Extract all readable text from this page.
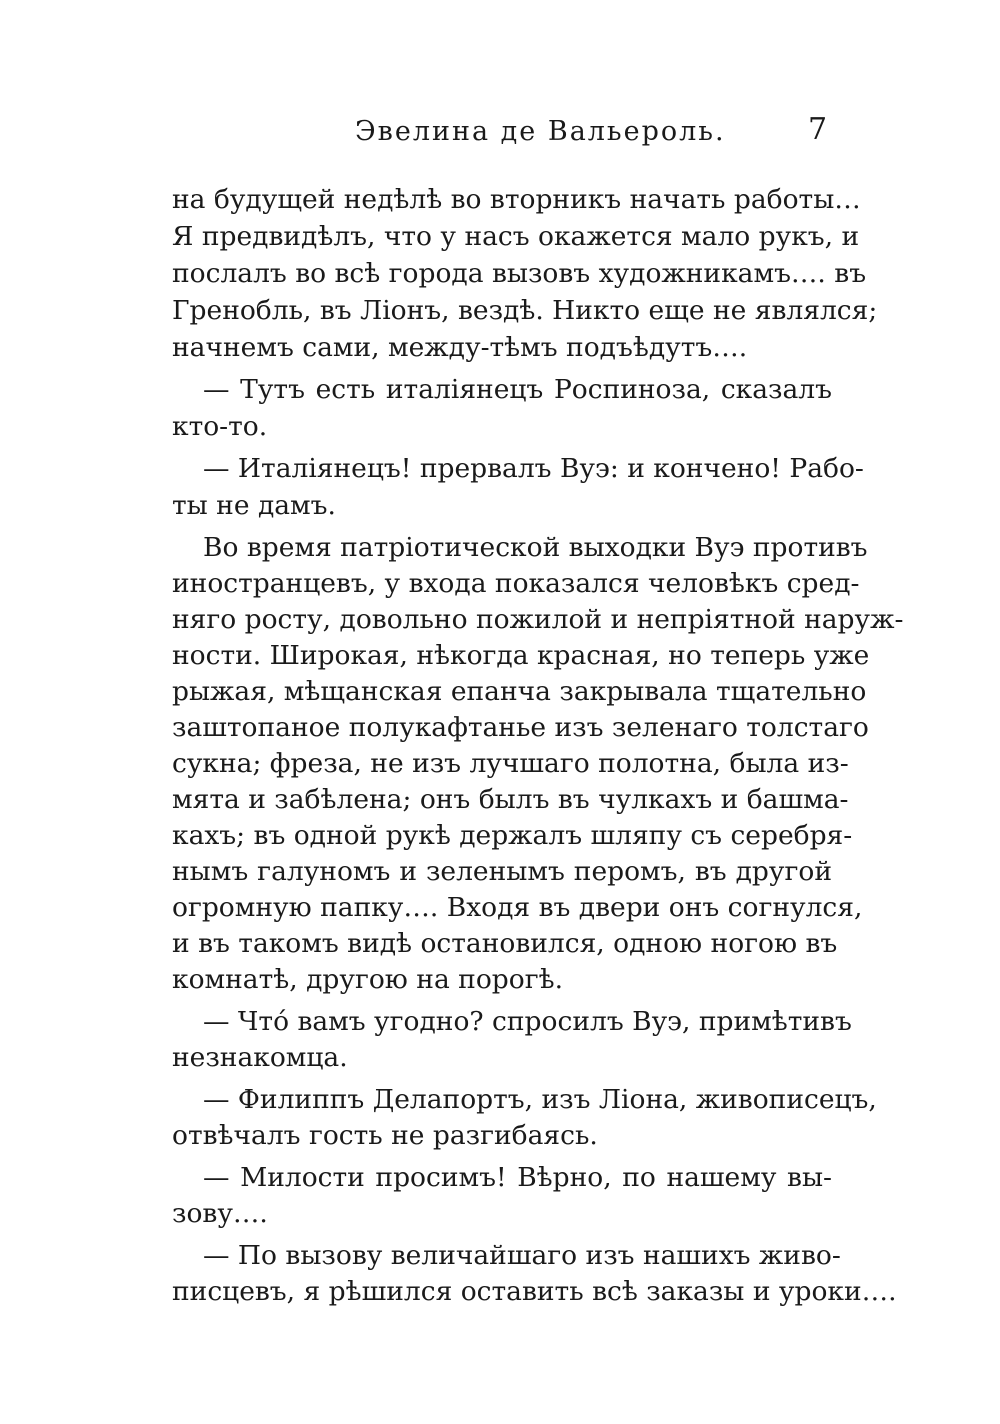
Эвелина де Вальероль.	7
на будущей недѣлѣ во вторникъ начать работы…
Я предвидѣлъ, что у насъ окажется мало рукъ, и
послалъ во всѣ города вызовъ художникамъ…. въ
Гренобль, въ Ліонъ, вездѣ. Никто еще не являлся;
начнемъ сами, между-тѣмъ подъѣдутъ….
— Тутъ есть италіянецъ Роспиноза, сказалъ
кто-то.
— Италіянецъ! прервалъ Вуэ: и кончено! Рабо-
ты не дамъ.
Во время патріотической выходки Вуэ противъ
иностранцевъ, у входа показался человѣкъ сред-
няго росту, довольно пожилой и непріятной наруж-
ности. Широкая, нѣкогда красная, но теперь уже
рыжая, мѣщанская епанча закрывала тщательно
заштопаное полукафтанье изъ зеленаго толстаго
сукна; фреза, не изъ лучшаго полотна, была из-
мята и забѣлена; онъ былъ въ чулкахъ и башма-
кахъ; въ одной рукѣ держалъ шляпу съ серебря-
нымъ галуномъ и зеленымъ перомъ, въ другой
огромную папку…. Входя въ двери онъ согнулся,
и въ такомъ видѣ остановился, одною ногою въ
комнатѣ, другою на порогѣ.
— Что́ вамъ угодно? спросилъ Вуэ, примѣтивъ
незнакомца.
— Филиппъ Делапортъ, изъ Ліона, живописецъ,
отвѣчалъ гость не разгибаясь.
— Милости просимъ! Вѣрно, по нашему вы-
зову….
— По вызову величайшаго изъ нашихъ живо-
писцевъ, я рѣшился оставить всѣ заказы и уроки….
